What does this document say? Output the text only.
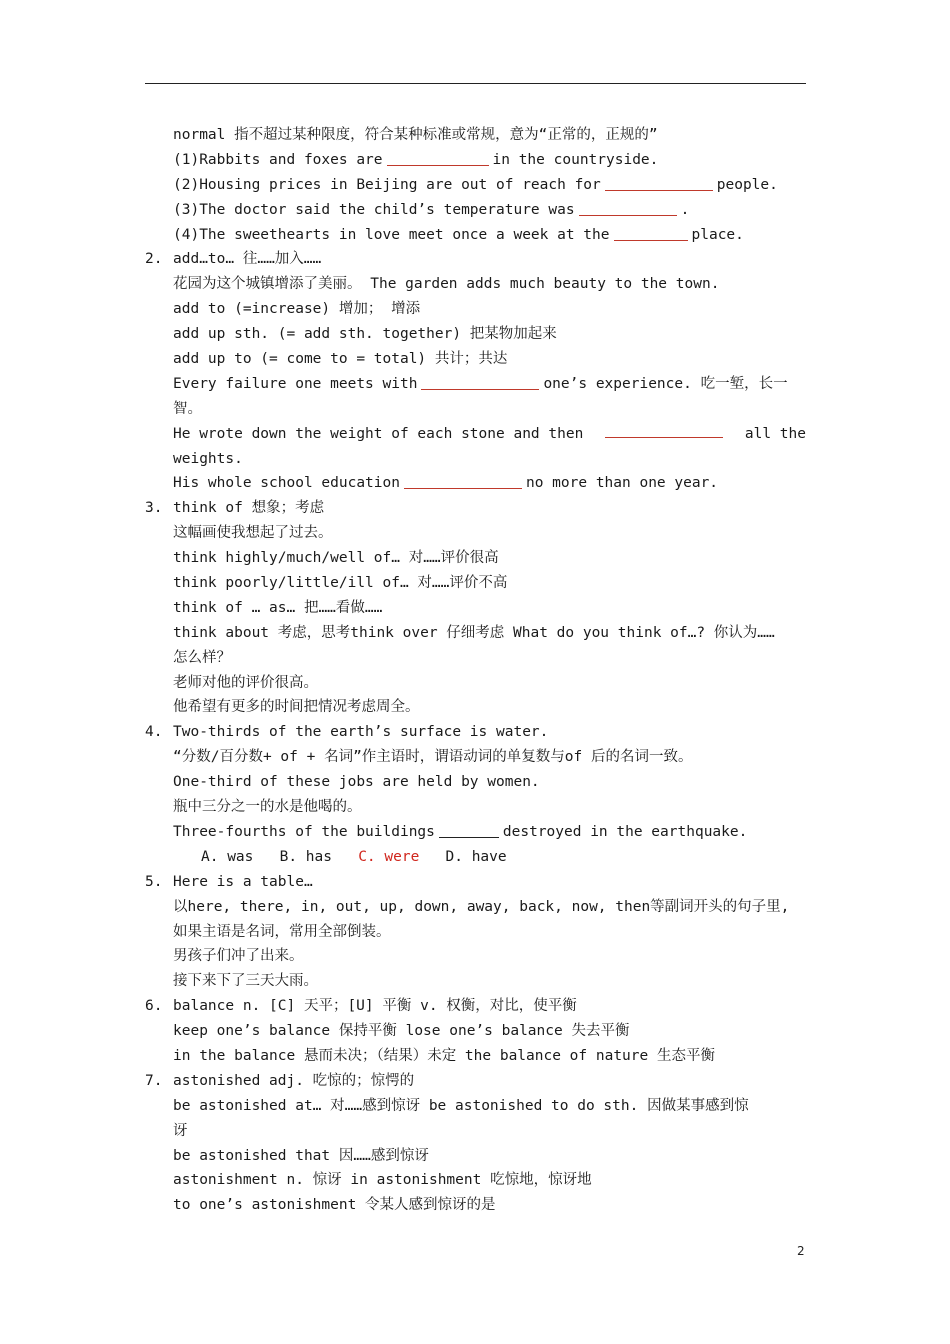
normal 指不超过某种限度，符合某种标准或常规，意为“正常的，正规的”
(1)Rabbits and foxes are	in the countryside.
(2)Housing prices in Beijing are out of reach for	people.
(3)The doctor said the child’s temperature was	.
(4)The sweethearts in love meet once a week at the	place.
2. add…to… 往……加入……
花园为这个城镇增添了美丽。 The garden adds much beauty to the town.
add to (=increase) 增加； 增添
add up sth. (= add sth. together) 把某物加起来
add up to (= come to = total) 共计；共达
Every failure one meets with	one’s experience. 吃一堑，长一
智。
He wrote down the weight of each stone and then	all the
weights.
His whole school education	no more than one year.
3. think of 想象；考虑
这幅画使我想起了过去。
think highly/much/well of… 对……评价很高
think poorly/little/ill of… 对……评价不高
think of … as… 把……看做……
think about 考虑，思考think over 仔细考虑 What do you think of…? 你认为……
怎么样？
老师对他的评价很高。
他希望有更多的时间把情况考虑周全。
4. Two-thirds of the earth’s surface is water.
“分数/百分数+ of + 名词”作主语时，谓语动词的单复数与of 后的名词一致。
One-third of these jobs are held by women.
瓶中三分之一的水是他喝的。
Three-fourths of the buildings	destroyed in the earthquake.
A. was B. has C. were D. have
5. Here is a table…
以here, there, in, out, up, down, away, back, now, then等副词开头的句子里,
如果主语是名词，常用全部倒装。
男孩子们冲了出来。
接下来下了三天大雨。
6. balance n. [C] 天平；[U] 平衡 v. 权衡，对比，使平衡
keep one’s balance 保持平衡 lose one’s balance 失去平衡
in the balance 悬而未决；（结果）未定 the balance of nature 生态平衡
7. astonished adj. 吃惊的；惊愕的
be astonished at… 对……感到惊讶 be astonished to do sth. 因做某事感到惊
讶
be astonished that 因……感到惊讶
astonishment n. 惊讶 in astonishment 吃惊地，惊讶地
to one’s astonishment 令某人感到惊讶的是
2
